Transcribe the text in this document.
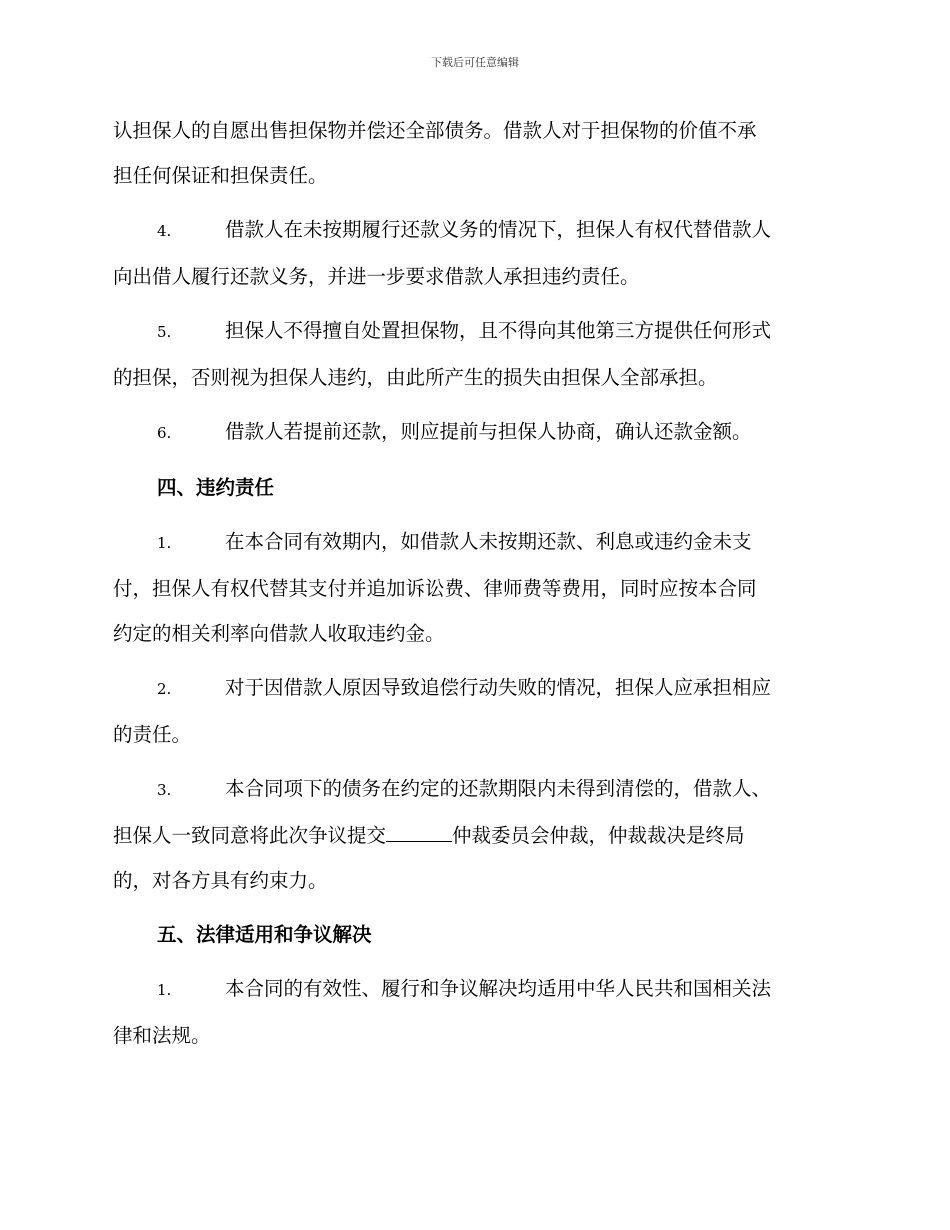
下载后可任意编辑
认担保人的自愿出售担保物并偿还全部债务。借款人对于担保物的价值不承
担任何保证和担保责任。
4.	借款人在未按期履行还款义务的情况下，担保人有权代替借款人
向出借人履行还款义务，并进一步要求借款人承担违约责任。
5.	担保人不得擅自处置担保物，且不得向其他第三方提供任何形式
的担保，否则视为担保人违约，由此所产生的损失由担保人全部承担。
6.	借款人若提前还款，则应提前与担保人协商，确认还款金额。
四、违约责任
1.	在本合同有效期内，如借款人未按期还款、利息或违约金未支
付，担保人有权代替其支付并追加诉讼费、律师费等费用，同时应按本合同
约定的相关利率向借款人收取违约金。
2.	对于因借款人原因导致追偿行动失败的情况，担保人应承担相应
的责任。
3.	本合同项下的债务在约定的还款期限内未得到清偿的，借款人、
担保人一致同意将此次争议提交	仲裁委员会仲裁，仲裁裁决是终局
的，对各方具有约束力。
五、法律适用和争议解决
1.	本合同的有效性、履行和争议解决均适用中华人民共和国相关法
律和法规。
